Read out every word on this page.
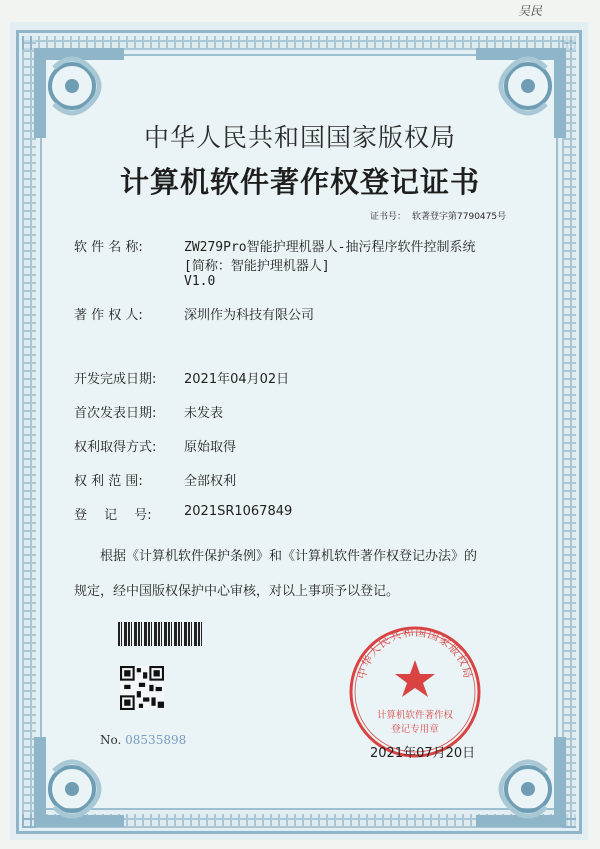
吴民
中华人民共和国国家版权局
计算机软件著作权登记证书
证书号： 软著登字第7790475号
软 件 名 称:	ZW279Pro智能护理机器人-抽污程序软件控制系统
[简称：智能护理机器人]
V1.0
著 作 权 人:	深圳作为科技有限公司
开发完成日期:	2021年04月02日
首次发表日期:	未发表
权利取得方式:	原始取得
权 利 范 围:	全部权利
登　 记　 号:	2021SR1067849
根据《计算机软件保护条例》和《计算机软件著作权登记办法》的
规定，经中国版权保护中心审核，对以上事项予以登记。
No. 08535898
中华人民共和国国家版权局
计算机软件著作权
登记专用章
2021年07月20日
